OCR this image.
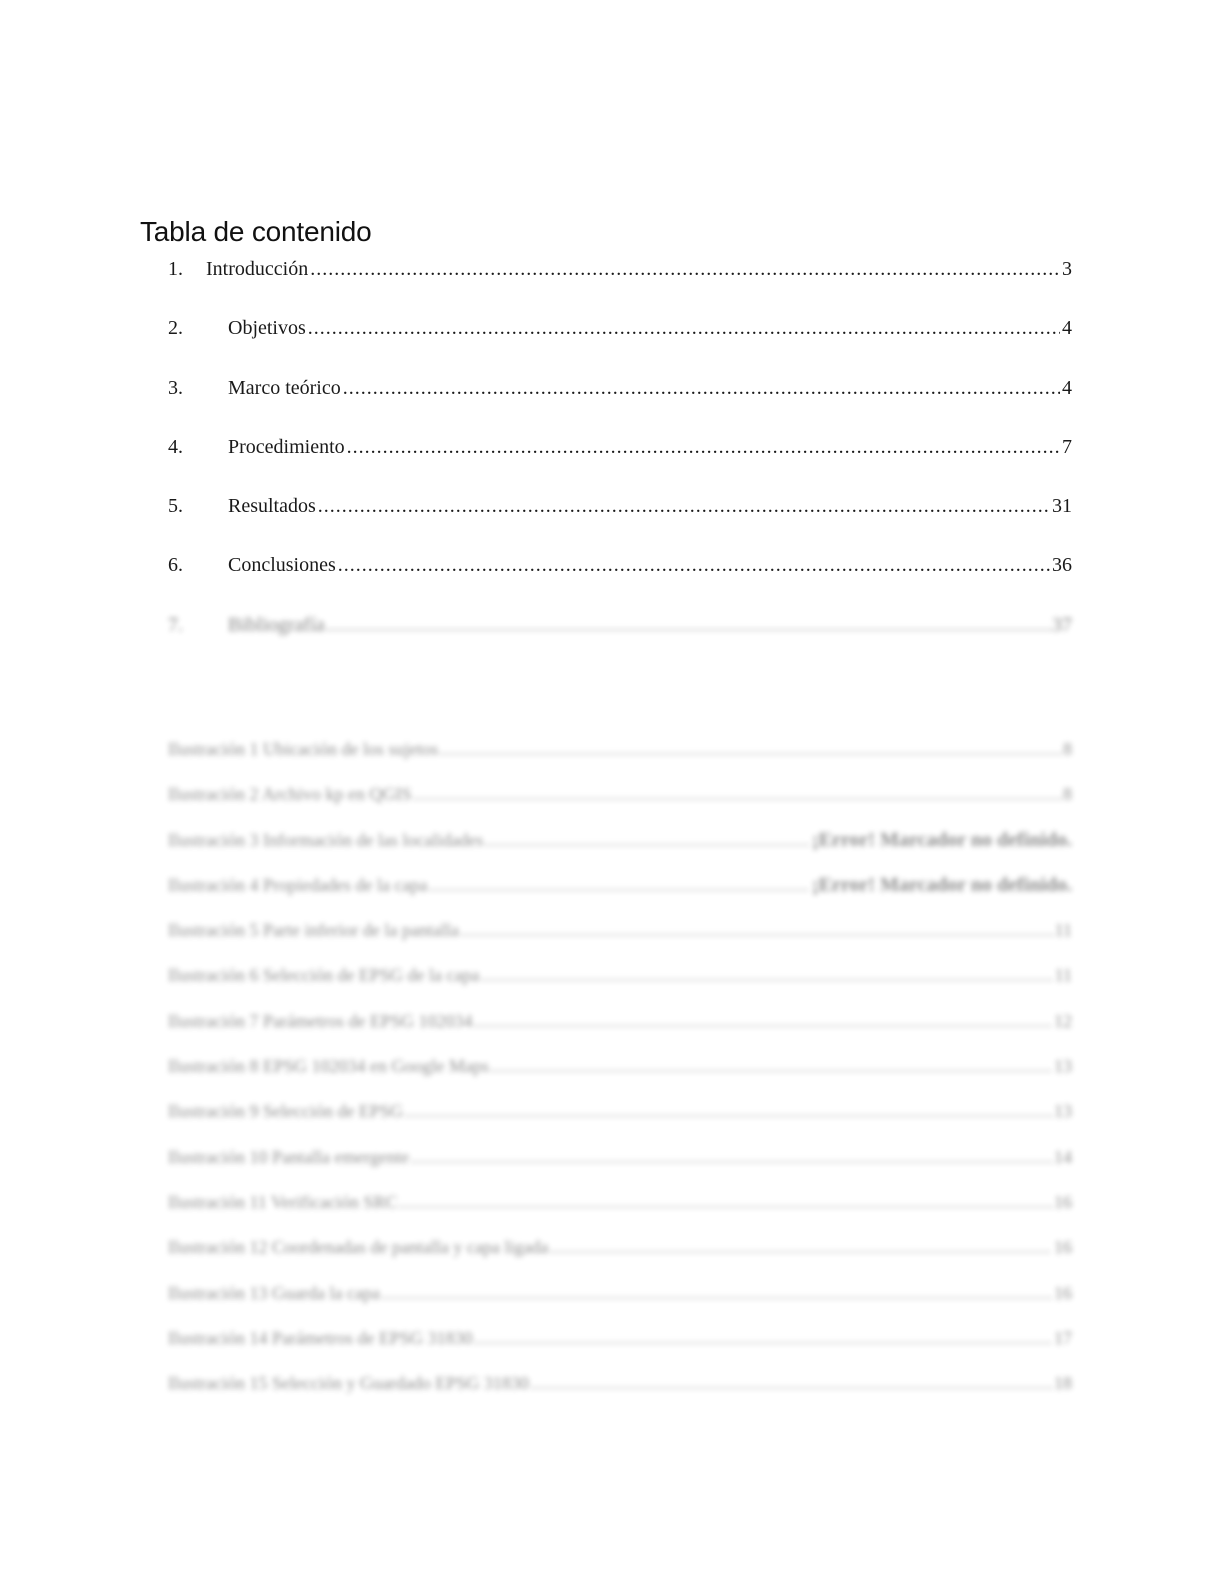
Tabla de contenido
1.	Introducción .....	3
2.	Objetivos .....	4
3.	Marco teórico .....	4
4.	Procedimiento .....	7
5.	Resultados .....	31
6.	Conclusiones .....	36
7.	Bibliografía .....	37
Ilustración 1 Ubicación de los sujetos .....	8
Ilustración 2 Archivo kp en QGIS .....	8
Ilustración 3 Información de las localidades .....	¡Error! Marcador no definido.
Ilustración 4 Propiedades de la capa .....	¡Error! Marcador no definido.
Ilustración 5 Parte inferior de la pantalla .....	11
Ilustración 6 Selección de EPSG de la capa .....	11
Ilustración 7 Parámetros de EPSG 102034 .....	12
Ilustración 8 EPSG 102034 en Google Maps .....	13
Ilustración 9 Selección de EPSG .....	13
Ilustración 10 Pantalla emergente .....	14
Ilustración 11 Verificación SRC .....	16
Ilustración 12 Coordenadas de pantalla y capa ligada .....	16
Ilustración 13 Guarda la capa .....	16
Ilustración 14 Parámetros de EPSG 31830 .....	17
Ilustración 15 Selección y Guardado EPSG 31830 .....	18
